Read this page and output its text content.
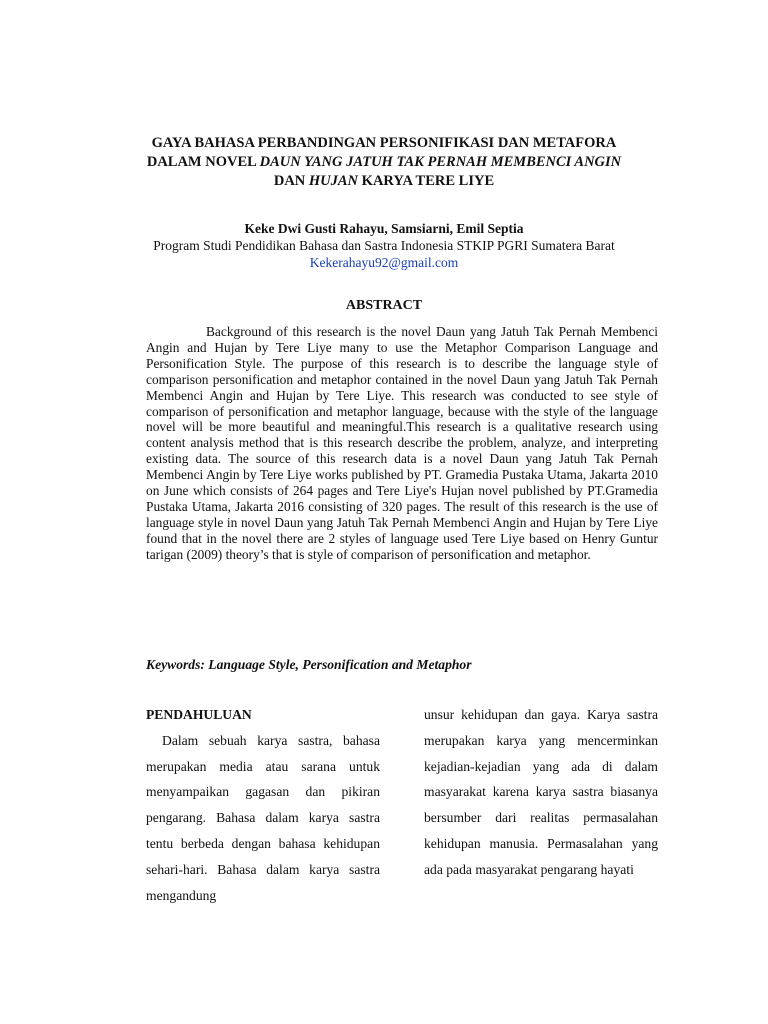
GAYA BAHASA PERBANDINGAN PERSONIFIKASI DAN METAFORA

DALAM NOVEL DAUN YANG JATUH TAK PERNAH MEMBENCI ANGIN

DAN HUJAN KARYA TERE LIYE

Keke Dwi Gusti Rahayu, Samsiarni, Emil Septia

Program Studi Pendidikan Bahasa dan Sastra Indonesia STKIP PGRI Sumatera Barat

Kekerahayu92@gmail.com

ABSTRACT

Background of this research is the novel Daun yang Jatuh Tak Pernah Membenci Angin and Hujan by Tere Liye many to use the Metaphor Comparison Language and Personification Style. The purpose of this research is to describe the language style of comparison personification and metaphor contained in the novel Daun yang Jatuh Tak Pernah Membenci Angin and Hujan by Tere Liye. This research was conducted to see style of comparison of personification and metaphor language, because with the style of the language novel will be more beautiful and meaningful.This research is a qualitative research using content analysis method that is this research describe the problem, analyze, and interpreting existing data. The source of this research data is a novel Daun yang Jatuh Tak Pernah Membenci Angin by Tere Liye works published by PT. Gramedia Pustaka Utama, Jakarta 2010 on June which consists of 264 pages and Tere Liye's Hujan novel published by PT.Gramedia Pustaka Utama, Jakarta 2016 consisting of 320 pages. The result of this research is the use of language style in novel Daun yang Jatuh Tak Pernah Membenci Angin and Hujan by Tere Liye found that in the novel there are 2 styles of language used Tere Liye based on Henry Guntur tarigan (2009) theory’s that is style of comparison of personification and metaphor.

Keywords: Language Style, Personification and Metaphor

PENDAHULUAN

Dalam sebuah karya sastra, bahasa merupakan media atau sarana untuk menyampaikan gagasan dan pikiran pengarang. Bahasa dalam karya sastra tentu berbeda dengan bahasa kehidupan sehari-hari. Bahasa dalam karya sastra mengandung

unsur kehidupan dan gaya. Karya sastra merupakan karya yang mencerminkan kejadian-kejadian yang ada di dalam masyarakat karena karya sastra biasanya bersumber dari realitas permasalahan kehidupan manusia. Permasalahan yang ada pada masyarakat pengarang hayati
